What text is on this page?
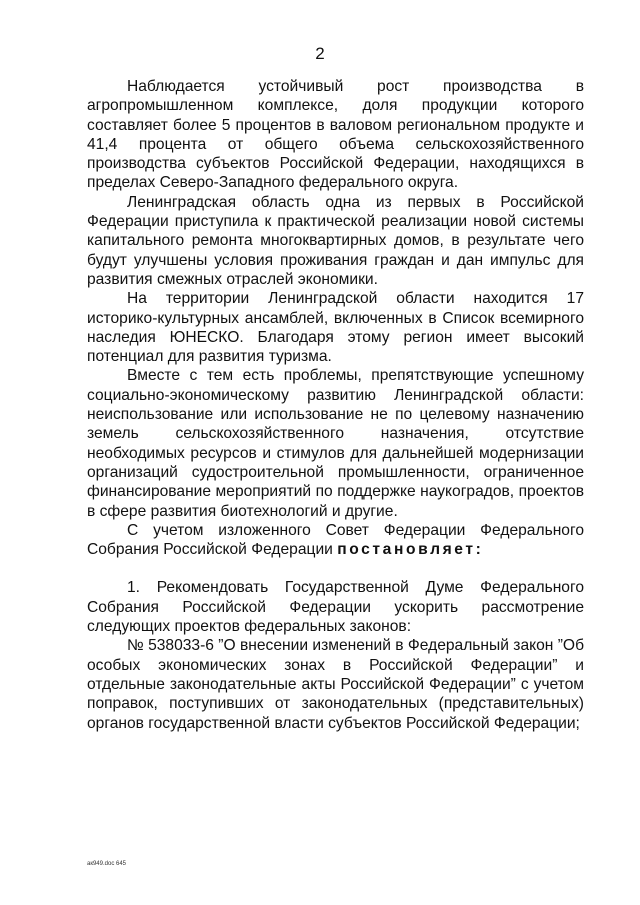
2

Наблюдается устойчивый рост производства в агропромышленном комплексе, доля продукции которого составляет более 5 процентов в валовом региональном продукте и 41,4 процента от общего объема сельскохозяйственного производства субъектов Российской Федерации, находящихся в пределах Северо-Западного федерального округа.

Ленинградская область одна из первых в Российской Федерации приступила к практической реализации новой системы капитального ремонта многоквартирных домов, в результате чего будут улучшены условия проживания граждан и дан импульс для развития смежных отраслей экономики.

На территории Ленинградской области находится 17 историко-культурных ансамблей, включенных в Список всемирного наследия ЮНЕСКО. Благодаря этому регион имеет высокий потенциал для развития туризма.

Вместе с тем есть проблемы, препятствующие успешному социально-экономическому развитию Ленинградской области: неиспользование или использование не по целевому назначению земель сельскохозяйственного назначения, отсутствие необходимых ресурсов и стимулов для дальнейшей модернизации организаций судостроительной промышленности, ограниченное финансирование мероприятий по поддержке наукоградов, проектов в сфере развития биотехнологий и другие.

С учетом изложенного Совет Федерации Федерального Собрания Российской Федерации постановляет:

1. Рекомендовать Государственной Думе Федерального Собрания Российской Федерации ускорить рассмотрение следующих проектов федеральных законов:

№ 538033-6 ”О внесении изменений в Федеральный закон ”Об особых экономических зонах в Российской Федерации” и отдельные законодательные акты Российской Федерации” с учетом поправок, поступивших от законодательных (представительных) органов государственной власти субъектов Российской Федерации;

ак949.doc 645
